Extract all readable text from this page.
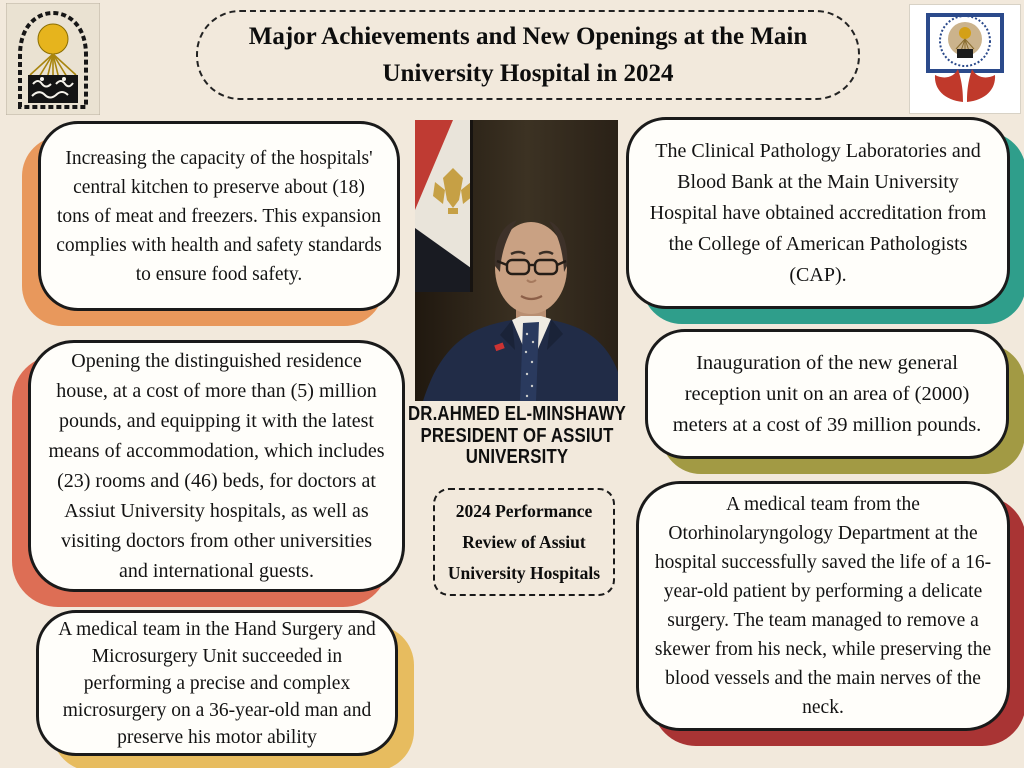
Major Achievements and New Openings at the Main
University Hospital in 2024
DR.AHMED EL-MINSHAWY
PRESIDENT OF ASSIUT
UNIVERSITY
2024 Performance
Review of Assiut
University Hospitals
Increasing the capacity of the hospitals' central kitchen to preserve about (18) tons of meat and freezers. This expansion complies with health and safety standards to ensure food safety.
Opening the distinguished residence house, at a cost of more than (5) million pounds, and equipping it with the latest means of accommodation, which includes (23) rooms and (46) beds, for doctors at Assiut University hospitals, as well as visiting doctors from other universities and international guests.
A medical team in the Hand Surgery and Microsurgery Unit succeeded in performing a precise and complex microsurgery on a 36-year-old man and preserve his motor ability
The Clinical Pathology Laboratories and Blood Bank at the Main University Hospital have obtained accreditation from the College of American Pathologists (CAP).
Inauguration of the new general reception unit on an area of (2000) meters at a cost of 39 million pounds.
A medical team from the Otorhinolaryngology Department at the hospital successfully saved the life of a 16-year-old patient by performing a delicate surgery. The team managed to remove a skewer from his neck, while preserving the blood vessels and the main nerves of the neck.
